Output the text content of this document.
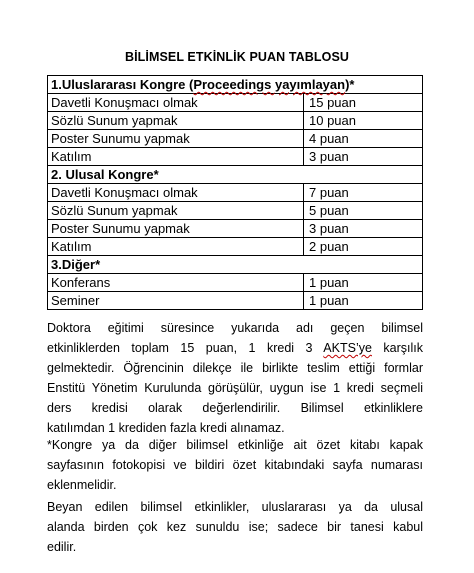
BİLİMSEL ETKİNLİK PUAN TABLOSU
1.Uluslararası Kongre (Proceedings yayımlayan)*	
Davetli Konuşmacı olmak	15 puan
Sözlü Sunum yapmak	10 puan
Poster Sunumu yapmak	4 puan
Katılım	3 puan
2. Ulusal Kongre*	
Davetli Konuşmacı olmak	7 puan
Sözlü Sunum yapmak	5 puan
Poster Sunumu yapmak	3 puan
Katılım	2 puan
3.Diğer*	
Konferans	1 puan
Seminer	1 puan
Doktora eğitimi süresince yukarıda adı geçen bilimsel
etkinliklerden toplam 15 puan, 1 kredi 3 AKTS’ye karşılık
gelmektedir. Öğrencinin dilekçe ile birlikte teslim ettiği formlar
Enstitü Yönetim Kurulunda görüşülür, uygun ise 1 kredi seçmeli
ders kredisi olarak değerlendirilir. Bilimsel etkinliklere
katılımdan 1 krediden fazla kredi alınamaz.
*Kongre ya da diğer bilimsel etkinliğe ait özet kitabı kapak
sayfasının fotokopisi ve bildiri özet kitabındaki sayfa numarası
eklenmelidir.
Beyan edilen bilimsel etkinlikler, uluslararası ya da ulusal
alanda birden çok kez sunuldu ise; sadece bir tanesi kabul
edilir.
